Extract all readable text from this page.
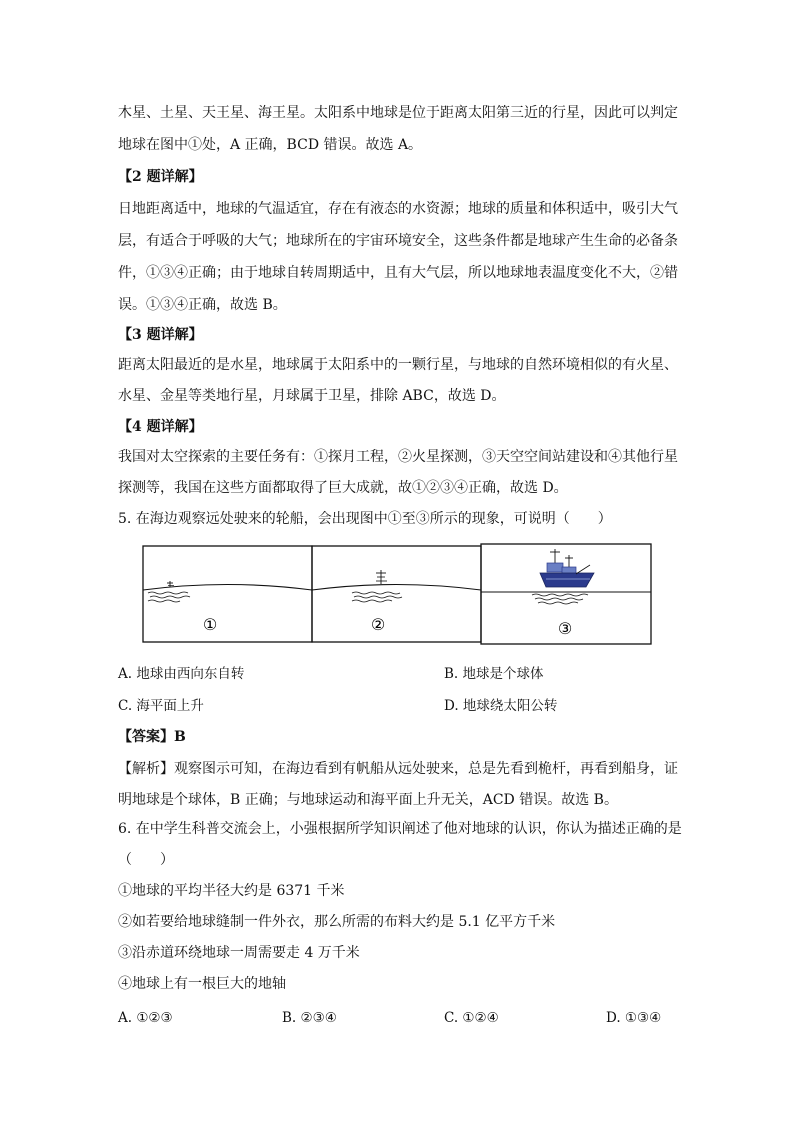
木星、土星、天王星、海王星。太阳系中地球是位于距离太阳第三近的行星，因此可以判定

地球在图中①处，A 正确，BCD 错误。故选 A。

【2 题详解】

日地距离适中，地球的气温适宜，存在有液态的水资源；地球的质量和体积适中，吸引大气

层，有适合于呼吸的大气；地球所在的宇宙环境安全，这些条件都是地球产生生命的必备条

件，①③④正确；由于地球自转周期适中，且有大气层，所以地球地表温度变化不大，②错

误。①③④正确，故选 B。

【3 题详解】

距离太阳最近的是水星，地球属于太阳系中的一颗行星，与地球的自然环境相似的有火星、

水星、金星等类地行星，月球属于卫星，排除 ABC，故选 D。

【4 题详解】

我国对太空探索的主要任务有：①探月工程，②火星探测，③天空空间站建设和④其他行星

探测等，我国在这些方面都取得了巨大成就，故①②③④正确，故选 D。

5. 在海边观察远处驶来的轮船，会出现图中①至③所示的现象，可说明（　　）

①	②	③
A. 地球由西向东自转	B. 地球是个球体
C. 海平面上升	D. 地球绕太阳公转

【答案】B

【解析】观察图示可知，在海边看到有帆船从远处驶来，总是先看到桅杆，再看到船身，证

明地球是个球体，B 正确；与地球运动和海平面上升无关，ACD 错误。故选 B。

6. 在中学生科普交流会上，小强根据所学知识阐述了他对地球的认识，你认为描述正确的是

（　　）

①地球的平均半径大约是 6371 千米

②如若要给地球缝制一件外衣，那么所需的布料大约是 5.1 亿平方千米

③沿赤道环绕地球一周需要走 4 万千米

④地球上有一根巨大的地轴

A. ①②③	B. ②③④	C. ①②④	D. ①③④
